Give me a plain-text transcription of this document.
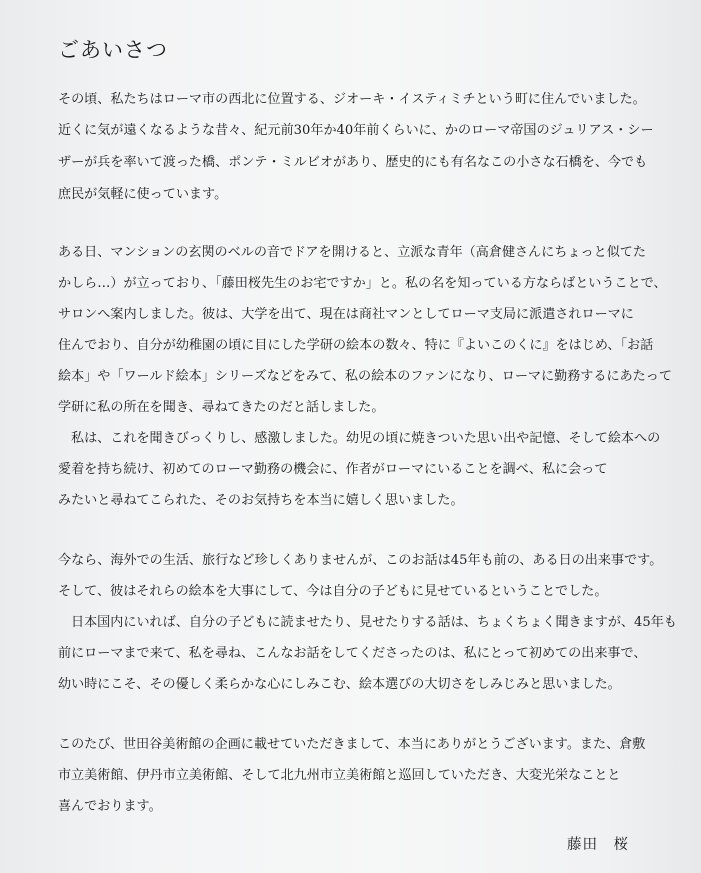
ごあいさつ

その頃、私たちはローマ市の西北に位置する、ジオーキ・イスティミチという町に住んでいました。

近くに気が遠くなるような昔々、紀元前30年か40年前くらいに、かのローマ帝国のジュリアス・シー

ザーが兵を率いて渡った橋、ポンテ・ミルビオがあり、歴史的にも有名なこの小さな石橋を、今でも

庶民が気軽に使っています。

ある日、マンションの玄関のベルの音でドアを開けると、立派な青年（高倉健さんにちょっと似てた

かしら…）が立っており、「藤田桜先生のお宅ですか」と。私の名を知っている方ならばということで、

サロンへ案内しました。彼は、大学を出て、現在は商社マンとしてローマ支局に派遣されローマに

住んでおり、自分が幼稚園の頃に目にした学研の絵本の数々、特に『よいこのくに』をはじめ、「お話

絵本」や「ワールド絵本」シリーズなどをみて、私の絵本のファンになり、ローマに勤務するにあたって

学研に私の所在を聞き、尋ねてきたのだと話しました。

私は、これを聞きびっくりし、感激しました。幼児の頃に焼きついた思い出や記憶、そして絵本への

愛着を持ち続け、初めてのローマ勤務の機会に、作者がローマにいることを調べ、私に会って

みたいと尋ねてこられた、そのお気持ちを本当に嬉しく思いました。

今なら、海外での生活、旅行など珍しくありませんが、このお話は45年も前の、ある日の出来事です。

そして、彼はそれらの絵本を大事にして、今は自分の子どもに見せているということでした。

日本国内にいれば、自分の子どもに読ませたり、見せたりする話は、ちょくちょく聞きますが、45年も

前にローマまで来て、私を尋ね、こんなお話をしてくださったのは、私にとって初めての出来事で、

幼い時にこそ、その優しく柔らかな心にしみこむ、絵本選びの大切さをしみじみと思いました。

このたび、世田谷美術館の企画に載せていただきまして、本当にありがとうございます。また、倉敷

市立美術館、伊丹市立美術館、そして北九州市立美術館と巡回していただき、大変光栄なことと

喜んでおります。

藤田　桜
